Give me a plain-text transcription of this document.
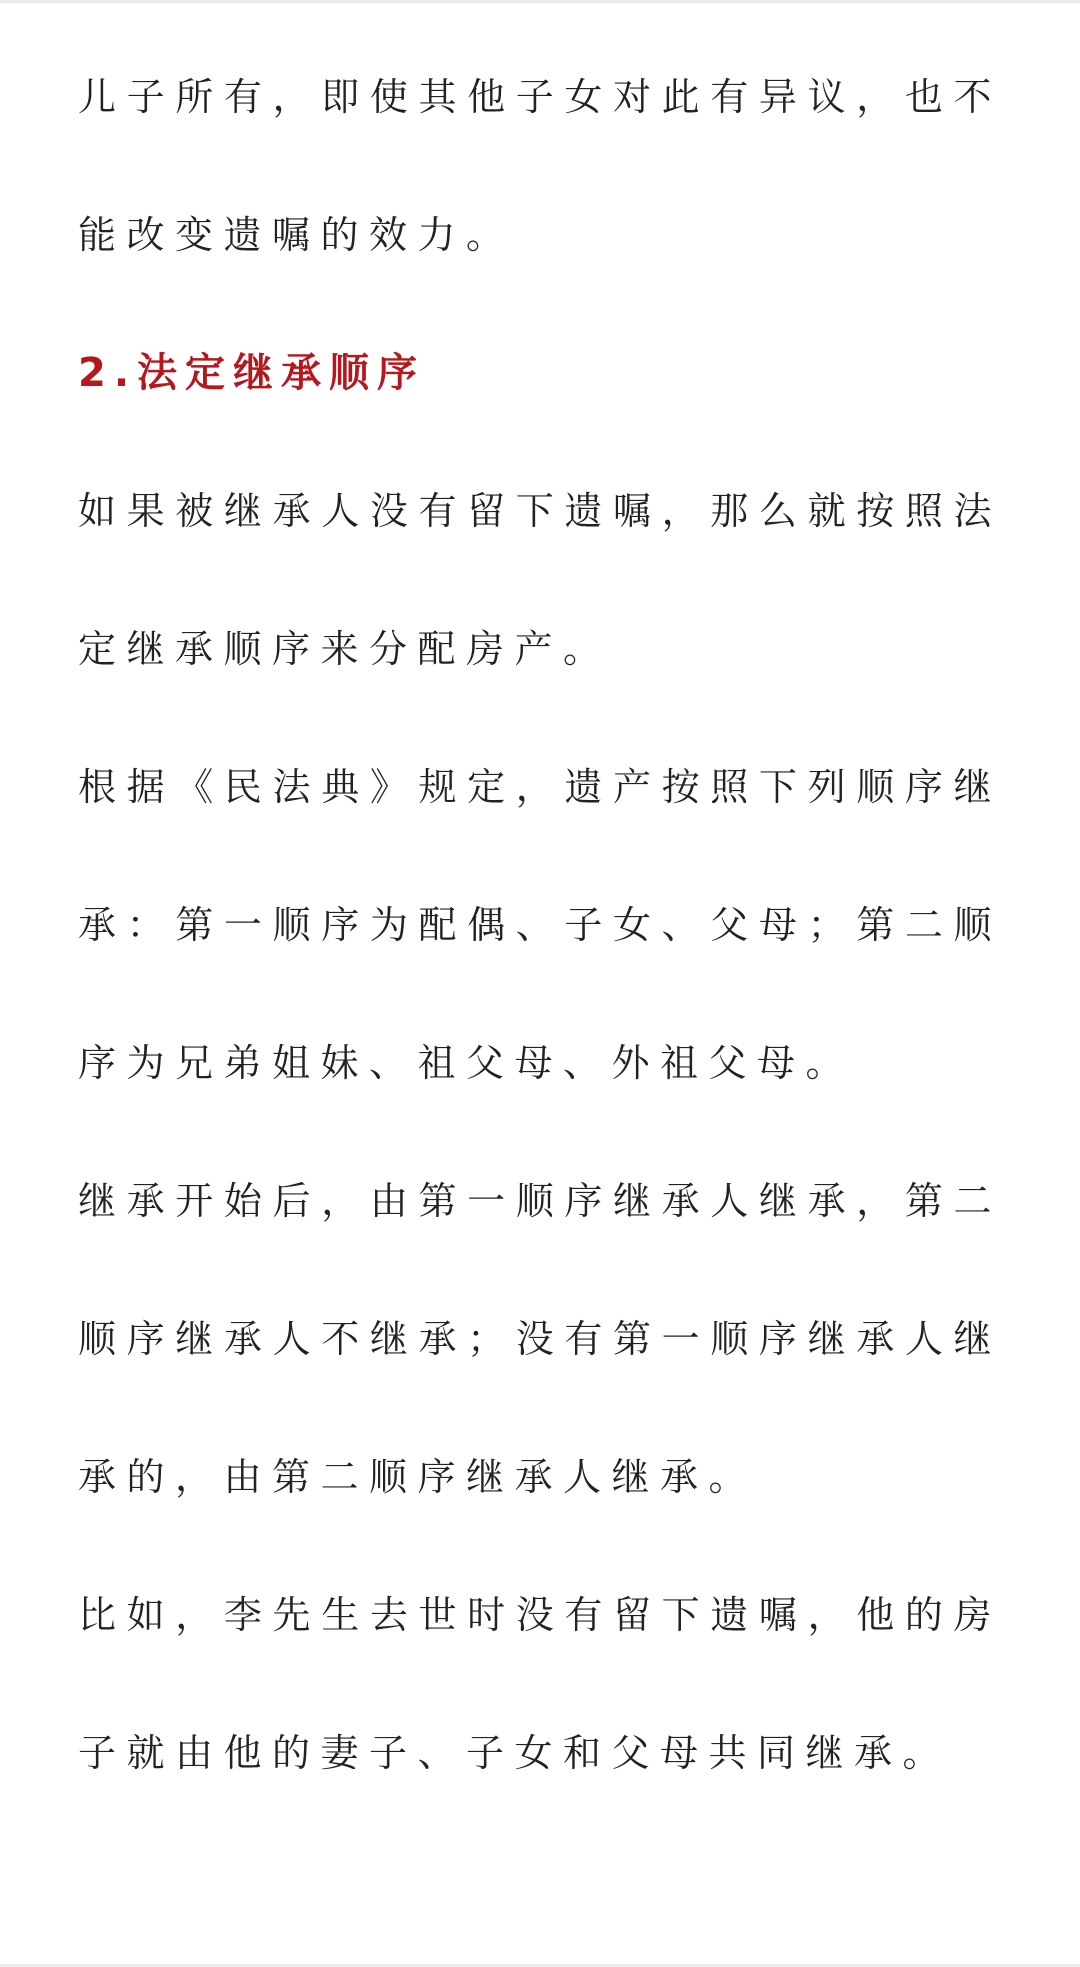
儿子所有，即使其他子女对此有异议，也不能改变遗嘱的效力。

2.法定继承顺序

如果被继承人没有留下遗嘱，那么就按照法定继承顺序来分配房产。

根据《民法典》规定，遗产按照下列顺序继承：第一顺序为配偶、子女、父母；第二顺序为兄弟姐妹、祖父母、外祖父母。

继承开始后，由第一顺序继承人继承，第二顺序继承人不继承；没有第一顺序继承人继承的，由第二顺序继承人继承。

比如，李先生去世时没有留下遗嘱，他的房子就由他的妻子、子女和父母共同继承。
